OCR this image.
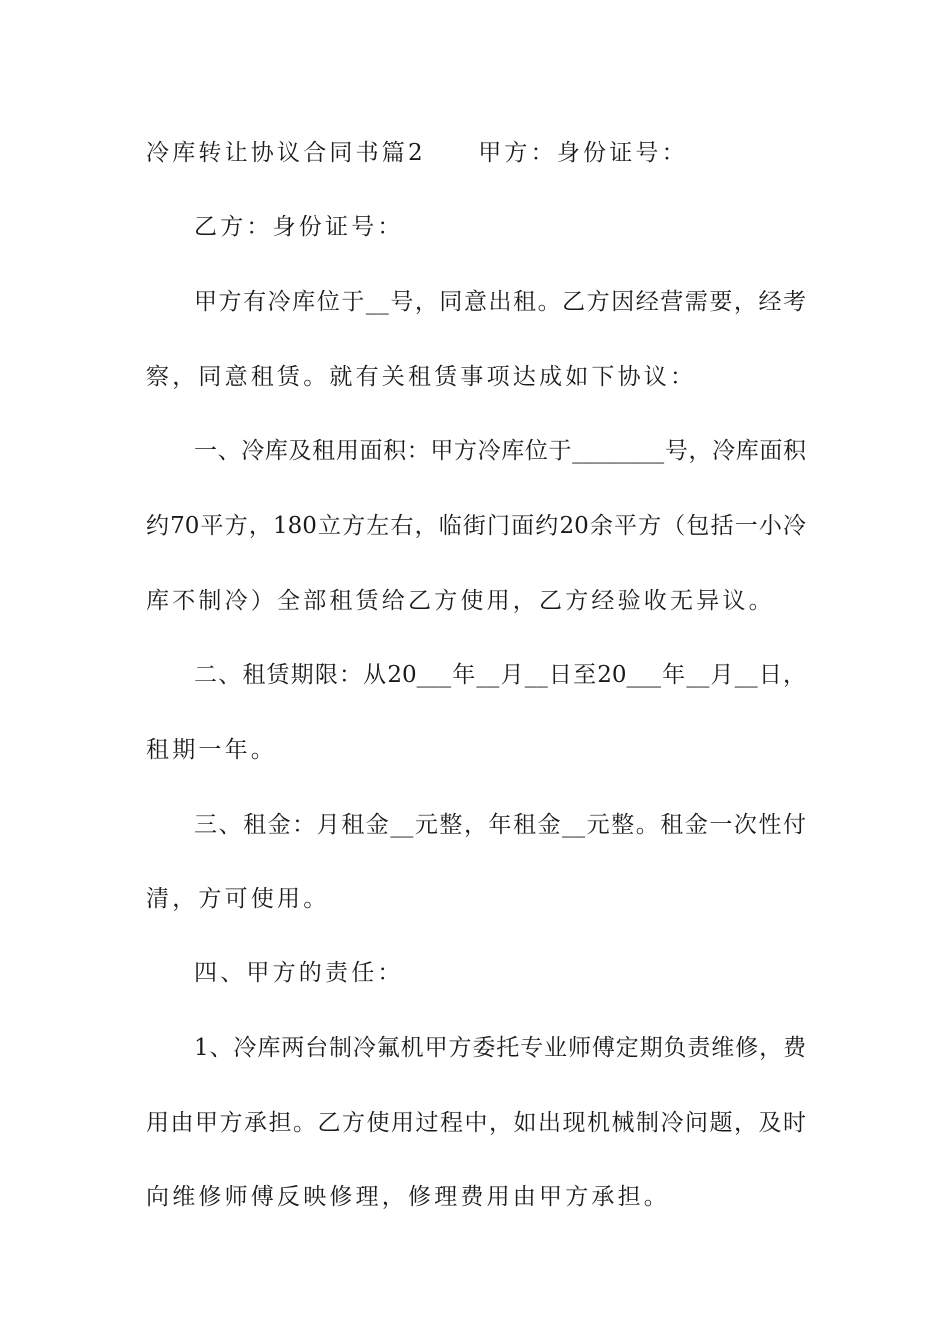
冷库转让协议合同书篇2　　甲方：身份证号：
乙方：身份证号：
甲方有冷库位于__号，同意出租。乙方因经营需要，经考
察，同意租赁。就有关租赁事项达成如下协议：
一、冷库及租用面积：甲方冷库位于________号，冷库面积
约70平方，180立方左右，临街门面约20余平方（包括一小冷
库不制冷）全部租赁给乙方使用，乙方经验收无异议。
二、租赁期限：从20___年__月__日至20___年__月__日，
租期一年。
三、租金：月租金__元整，年租金__元整。租金一次性付
清，方可使用。
四、甲方的责任：
1、冷库两台制冷氟机甲方委托专业师傅定期负责维修，费
用由甲方承担。乙方使用过程中，如出现机械制冷问题，及时
向维修师傅反映修理，修理费用由甲方承担。
